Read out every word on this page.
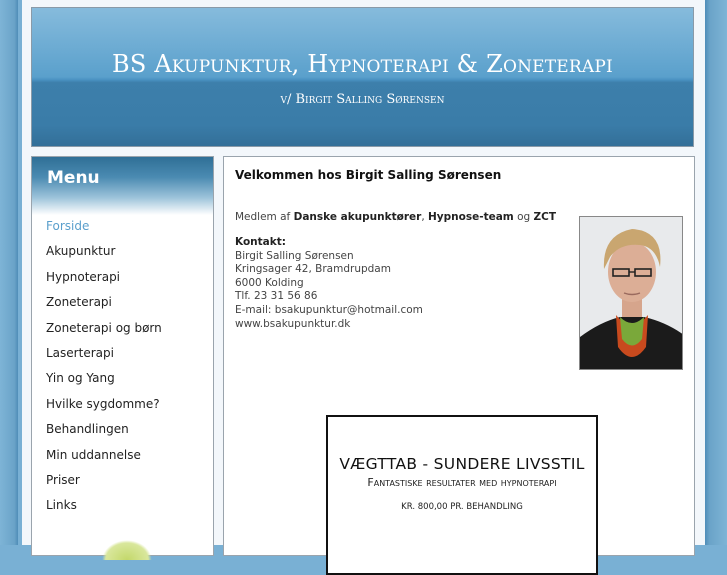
BS Akupunktur, Hypnoterapi & Zoneterapi
v/ Birgit Salling Sørensen
Menu
Forside
Akupunktur
Hypnoterapi
Zoneterapi
Zoneterapi og børn
Laserterapi
Yin og Yang
Hvilke sygdomme?
Behandlingen
Min uddannelse
Priser
Links
Velkommen hos Birgit Salling Sørensen
Medlem af Danske akupunktører, Hypnose-team og ZCT
Kontakt:
Birgit Salling Sørensen
Kringsager 42, Bramdrupdam
6000 Kolding
Tlf. 23 31 56 86
E-mail: bsakupunktur@hotmail.com
www.bsakupunktur.dk
VÆGTTAB - SUNDERE LIVSSTIL
Fantastiske resultater med hypnoterapi
KR. 800,00 PR. BEHANDLING
